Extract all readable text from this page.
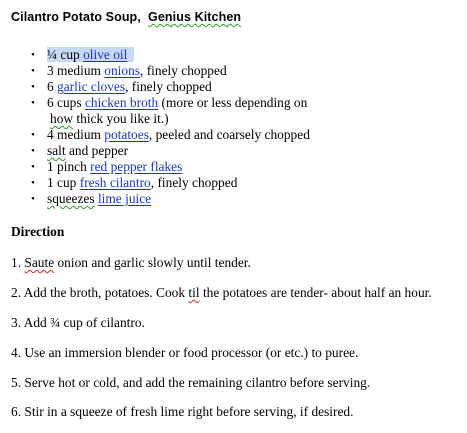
Cilantro Potato Soup, Genius Kitchen
• ¼ cup olive oil
• 3 medium onions, finely chopped
• 6 garlic cloves, finely chopped
• 6 cups chicken broth (more or less depending on
how thick you like it.)
• 4 medium potatoes, peeled and coarsely chopped
• salt and pepper
• 1 pinch red pepper flakes
• 1 cup fresh cilantro, finely chopped
• squeezes lime juice
Direction
1. Saute onion and garlic slowly until tender.
2. Add the broth, potatoes. Cook til the potatoes are tender- about half an hour.
3. Add ¾ cup of cilantro.
4. Use an immersion blender or food processor (or etc.) to puree.
5. Serve hot or cold, and add the remaining cilantro before serving.
6. Stir in a squeeze of fresh lime right before serving, if desired.
